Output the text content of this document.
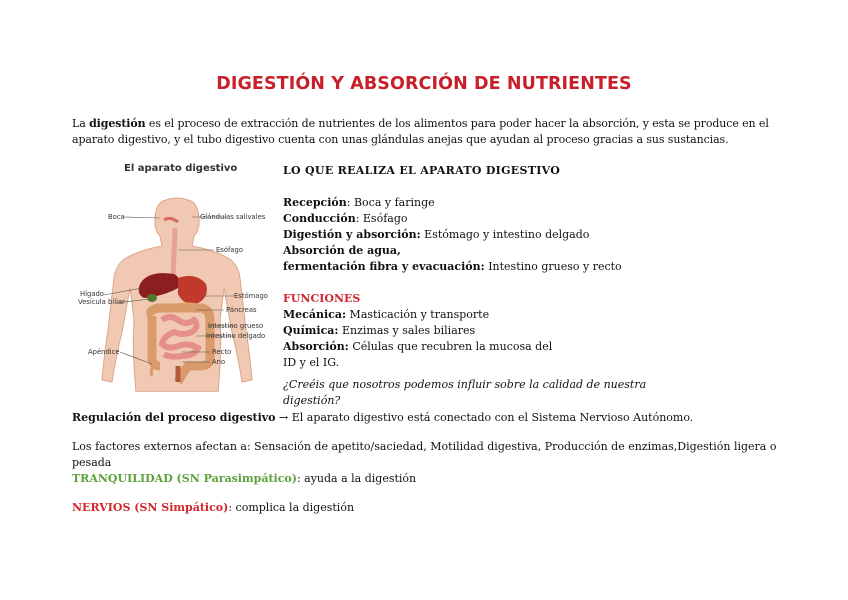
DIGESTIÓN Y ABSORCIÓN DE NUTRIENTES

La digestión es el proceso de extracción de nutrientes de los alimentos para poder hacer la absorción, y esta se produce en el aparato digestivo, y el tubo digestivo cuenta con unas glándulas anejas que ayudan al proceso gracias a sus sustancias.

El aparato digestivo
Boca	Glándulas salivales
Esófago
Hígado
Vesícula biliar
Estómago
Páncreas
Intestino grueso
Intestino delgado
Apéndice	Recto
Ano

LO QUE REALIZA EL APARATO DIGESTIVO

Recepción: Boca y faringe

Conducción: Esófago

Digestión y absorción: Estómago y intestino delgado

Absorción de agua,

fermentación fibra y evacuación: Intestino grueso y recto

FUNCIONES

Mecánica: Masticación y transporte

Química: Enzimas y sales biliares

Absorción: Células que recubren la mucosa del

ID y el IG.

¿Creéis que nosotros podemos influir sobre la calidad de nuestra digestión?

Regulación del proceso digestivo → El aparato digestivo está conectado con el Sistema Nervioso Autónomo.

Los factores externos afectan a: Sensación de apetito/saciedad, Motilidad digestiva, Producción de enzimas,Digestión ligera o pesada

TRANQUILIDAD (SN Parasimpático): ayuda a la digestión

NERVIOS (SN Simpático): complica la digestión
